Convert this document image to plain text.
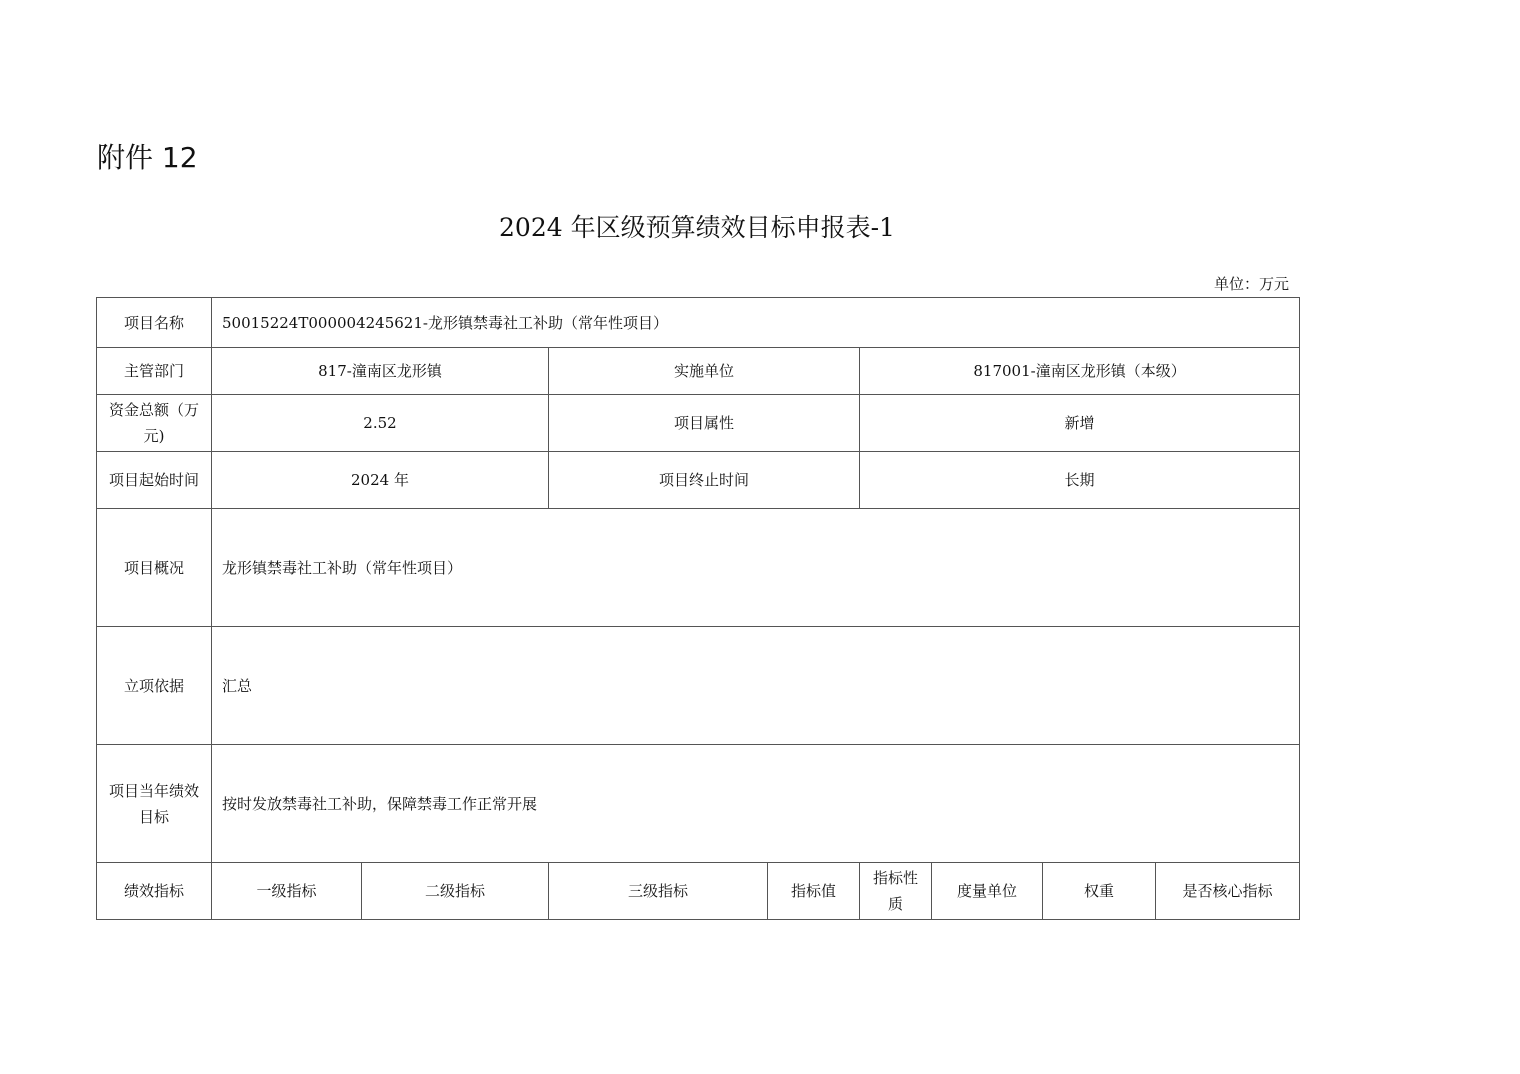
附件 12
2024 年区级预算绩效目标申报表-1
单位：万元
项目名称	50015224T000004245621-龙形镇禁毒社工补助（常年性项目）							
主管部门	817-潼南区龙形镇		实施单位		817001-潼南区龙形镇（本级）			
资金总额（万元)	2.52		项目属性		新增			
项目起始时间	2024 年		项目终止时间		长期			
项目概况	龙形镇禁毒社工补助（常年性项目）							
立项依据	汇总							
项目当年绩效目标	按时发放禁毒社工补助，保障禁毒工作正常开展							
绩效指标	一级指标	二级指标	三级指标	指标值	指标性质	度量单位	权重	是否核心指标
